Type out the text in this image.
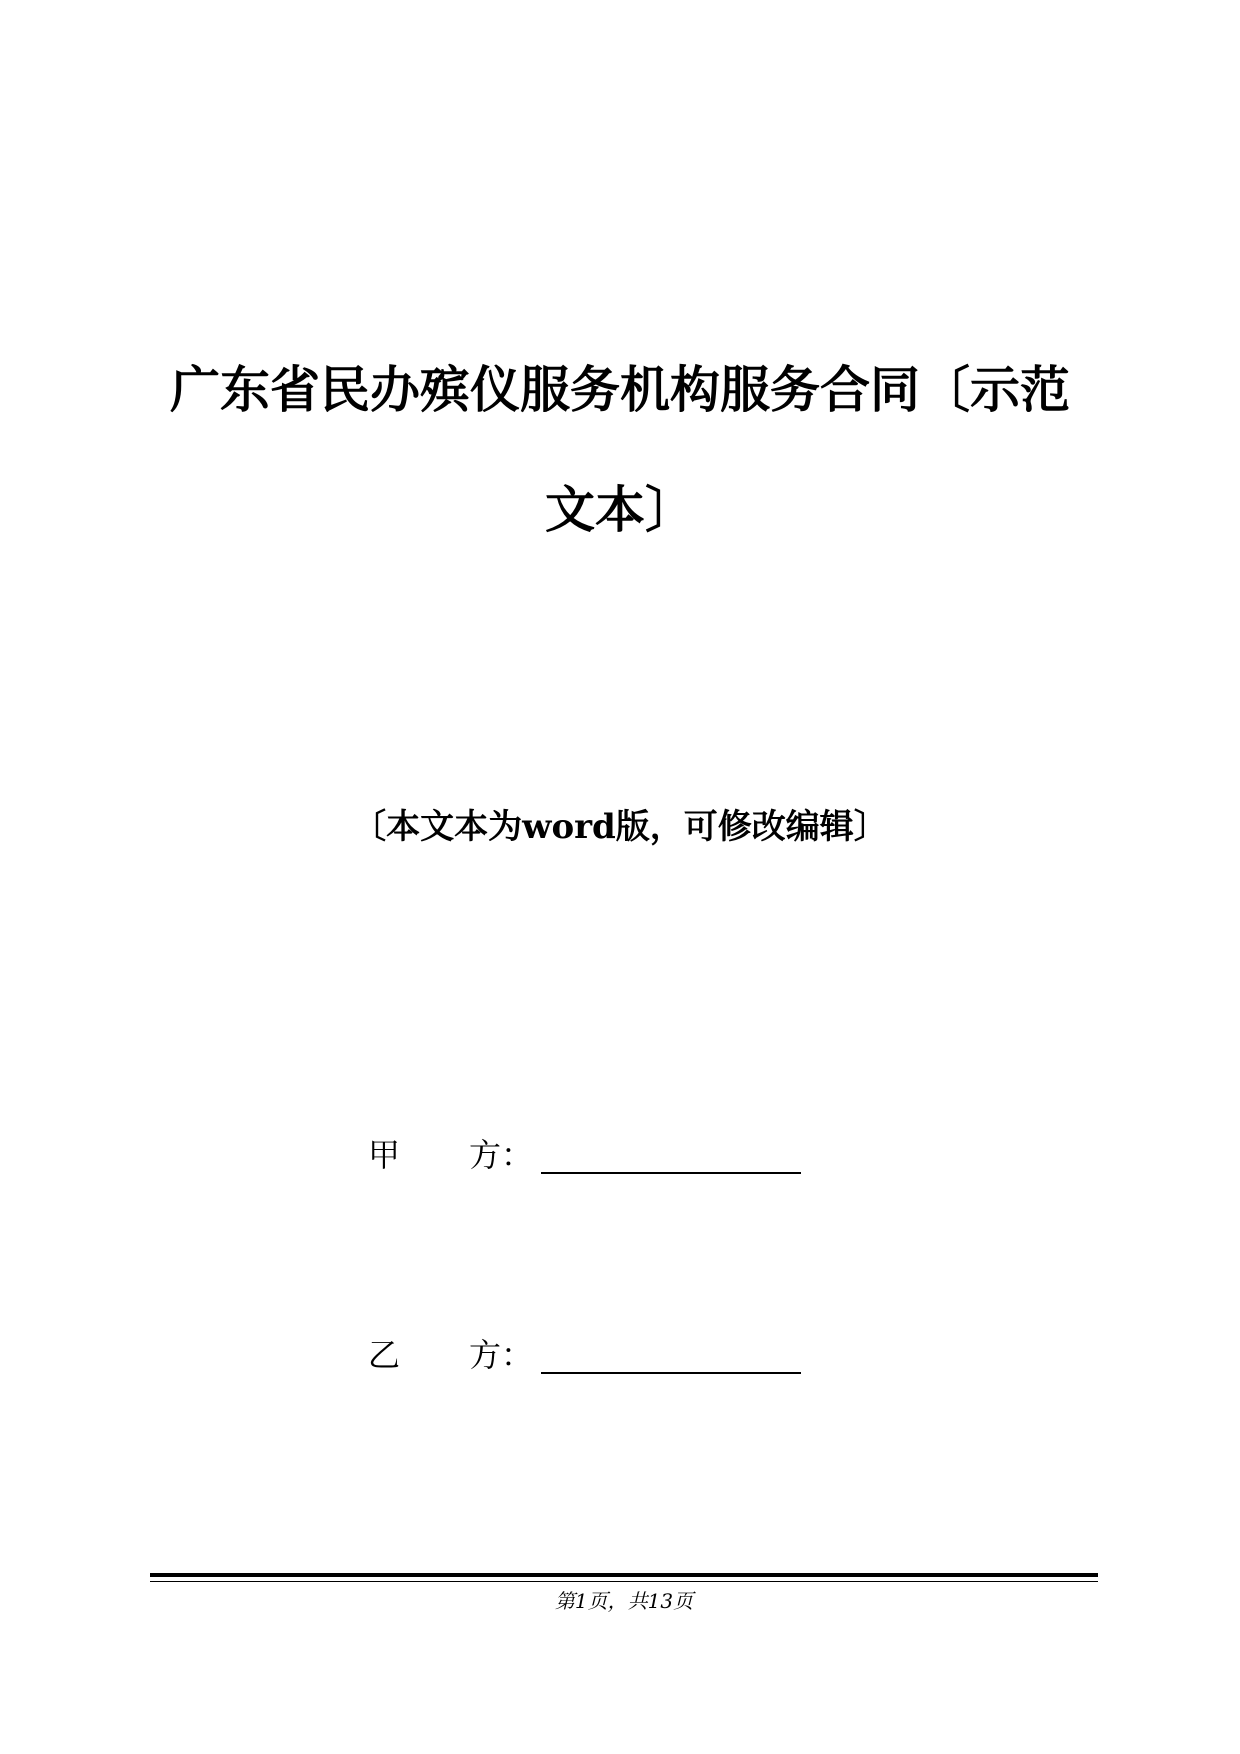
广东省民办殡仪服务机构服务合同〔示范
文本〕
〔本文本为word版，可修改编辑〕
甲 方：
乙 方：
第1页，共13页
